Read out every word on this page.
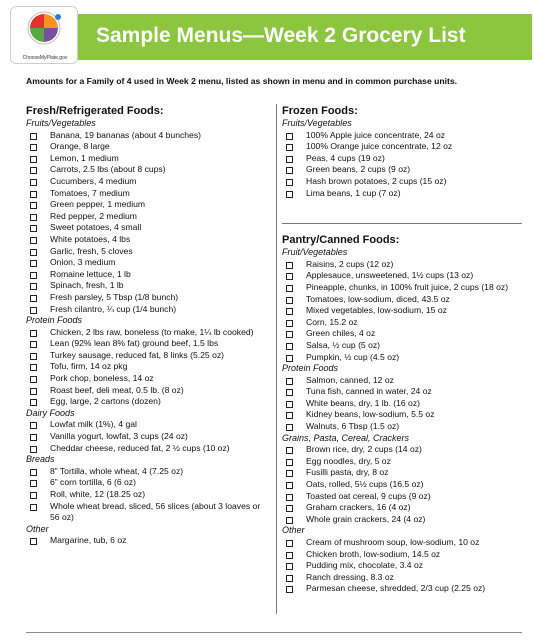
Sample Menus—Week 2 Grocery List
ChooseMyPlate.gov
Amounts for a Family of 4 used in Week 2 menu, listed as shown in menu and in common purchase units.
Fresh/Refrigerated Foods:
Fruits/Vegetables
Banana, 19 bananas (about 4 bunches)
Orange, 8 large
Lemon, 1 medium
Carrots, 2.5 lbs (about 8 cups)
Cucumbers, 4 medium
Tomatoes, 7 medium
Green pepper, 1 medium
Red pepper, 2 medium
Sweet potatoes, 4 small
White potatoes, 4 lbs
Garlic, fresh, 5 cloves
Onion, 3 medium
Romaine lettuce, 1 lb
Spinach, fresh, 1 lb
Fresh parsley, 5 Tbsp (1/8 bunch)
Fresh cilantro, ¼ cup (1/4 bunch)
Protein Foods
Chicken, 2 lbs raw, boneless (to make, 1¼ lb cooked)
Lean (92% lean 8% fat) ground beef, 1.5 lbs
Turkey sausage, reduced fat, 8 links (5.25 oz)
Tofu, firm, 14 oz pkg
Pork chop, boneless, 14 oz
Roast beef, deli meat, 0.5 lb. (8 oz)
Egg, large, 2 cartons (dozen)
Dairy Foods
Lowfat milk (1%), 4 gal
Vanilla yogurt, lowfat, 3 cups (24 oz)
Cheddar cheese, reduced fat, 2 ½ cups (10 oz)
Breads
8” Tortilla, whole wheat, 4 (7.25 oz)
6” corn tortilla, 6 (6 oz)
Roll, white, 12 (18.25 oz)
Whole wheat bread, sliced, 56 slices (about 3 loaves or 56 oz)
Other
Margarine, tub, 6 oz
Frozen Foods:
Fruits/Vegetables
100% Apple juice concentrate, 24 oz
100% Orange juice concentrate, 12 oz
Peas, 4 cups (19 oz)
Green beans, 2 cups (9 oz)
Hash brown potatoes, 2 cups (15 oz)
Lima beans, 1 cup (7 oz)
Pantry/Canned Foods:
Fruit/Vegetables
Raisins, 2 cups (12 oz)
Applesauce, unsweetened, 1½ cups (13 oz)
Pineapple, chunks, in 100% fruit juice, 2 cups (18 oz)
Tomatoes, low-sodium, diced, 43.5 oz
Mixed vegetables, low-sodium, 15 oz
Corn, 15.2 oz
Green chiles, 4 oz
Salsa, ½ cup (5 oz)
Pumpkin, ½ cup (4.5 oz)
Protein Foods
Salmon, canned, 12 oz
Tuna fish, canned in water, 24 oz
White beans, dry, 1 lb. (16 oz)
Kidney beans, low-sodium, 5.5 oz
Walnuts, 6 Tbsp (1.5 oz)
Grains, Pasta, Cereal, Crackers
Brown rice, dry, 2 cups (14 oz)
Egg noodles, dry, 5 oz
Fusilli pasta, dry, 8 oz
Oats, rolled, 5½ cups (16.5 oz)
Toasted oat cereal, 9 cups (9 oz)
Graham crackers, 16 (4 oz)
Whole grain crackers, 24 (4 oz)
Other
Cream of mushroom soup, low-sodium, 10 oz
Chicken broth, low-sodium, 14.5 oz
Pudding mix, chocolate, 3.4 oz
Ranch dressing, 8.3 oz
Parmesan cheese, shredded, 2/3 cup (2.25 oz)
